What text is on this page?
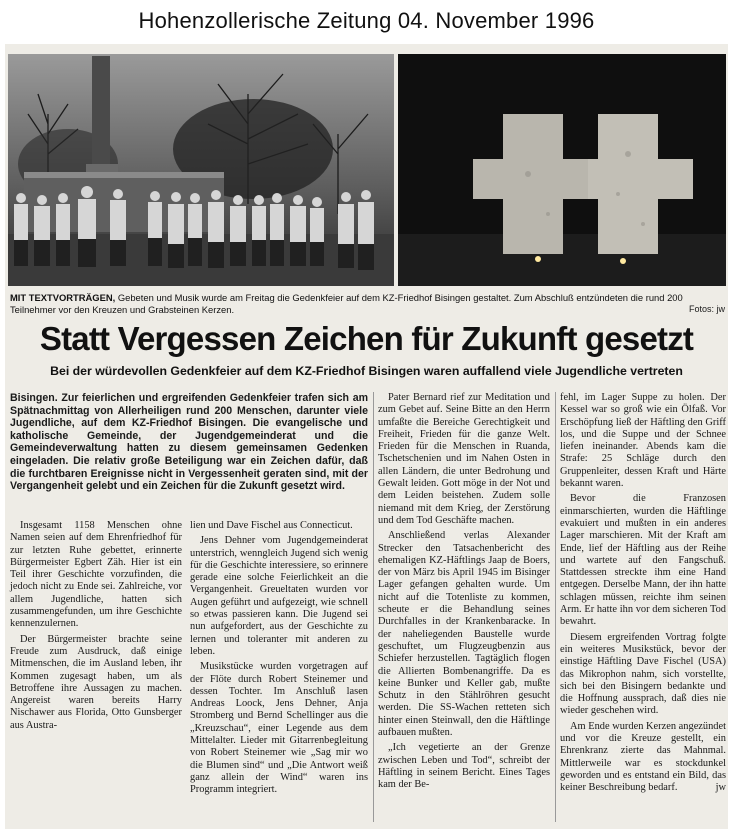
Hohenzollerische Zeitung 04. November 1996
MIT TEXTVORTRÄGEN, Gebeten und Musik wurde am Freitag die Gedenkfeier auf dem KZ-Friedhof Bisingen gestaltet. Zum Abschluß entzündeten die rund 200 Teilnehmer vor den Kreuzen und Grabsteinen Kerzen.	Fotos: jw
Statt Vergessen Zeichen für Zukunft gesetzt
Bei der würdevollen Gedenkfeier auf dem KZ-Friedhof Bisingen waren auffallend viele Jugendliche vertreten

Bisingen. Zur feierlichen und ergreifenden Gedenkfeier trafen sich am Spätnachmittag von Allerheiligen rund 200 Menschen, darunter viele Jugendliche, auf dem KZ-Friedhof Bisingen. Die evangelische und katholische Gemeinde, der Jugendgemeinderat und die Gemeindeverwaltung hatten zu diesem gemeinsamen Gedenken eingeladen. Die relativ große Beteiligung war ein Zeichen dafür, daß die furchtbaren Ereignisse nicht in Vergessenheit geraten sind, mit der Vergangenheit gelebt und ein Zeichen für die Zukunft gesetzt wird.

Insgesamt 1158 Menschen ohne Namen seien auf dem Ehrenfriedhof für zur letzten Ruhe gebettet, erinnerte Bürgermeister Egbert Zäh. Hier ist ein Teil ihrer Geschichte vorzufinden, die jedoch nicht zu Ende sei. Zahlreiche, vor allem Jugendliche, hatten sich zusammengefunden, um ihre Geschichte kennenzulernen.

Der Bürgermeister brachte seine Freude zum Ausdruck, daß einige Mitmenschen, die im Ausland leben, ihr Kommen zugesagt haben, um als Betroffene ihre Aussagen zu machen. Angereist waren bereits Harry Nischawer aus Florida, Otto Gunsberger aus Austra-

lien und Dave Fischel aus Connecticut.

Jens Dehner vom Jugendgemeinderat unterstrich, wenngleich Jugend sich wenig für die Geschichte interessiere, so erinnere gerade eine solche Feierlichkeit an die Vergangenheit. Greueltaten wurden vor Augen geführt und aufgezeigt, wie schnell so etwas passieren kann. Die Jugend sei nun aufgefordert, aus der Geschichte zu lernen und toleranter mit anderen zu leben.

Musikstücke wurden vorgetragen auf der Flöte durch Robert Steinemer und dessen Tochter. Im Anschluß lasen Andreas Loock, Jens Dehner, Anja Stromberg und Bernd Schellinger aus die „Kreuzschau“, einer Legende aus dem Mittelalter. Lieder mit Gitarrenbegleitung von Robert Steinemer wie „Sag mir wo die Blumen sind“ und „Die Antwort weiß ganz allein der Wind“ waren ins Programm integriert.

Pater Bernard rief zur Meditation und zum Gebet auf. Seine Bitte an den Herrn umfaßte die Bereiche Gerechtigkeit und Freiheit, Frieden für die ganze Welt. Frieden für die Menschen in Ruanda, Tschetschenien und im Nahen Osten in allen Ländern, die unter Bedrohung und Gewalt leiden. Gott möge in der Not und dem Leiden beistehen. Zudem solle niemand mit dem Krieg, der Zerstörung und dem Tod Geschäfte machen.

Anschließend verlas Alexander Strecker den Tatsachenbericht des ehemaligen KZ-Häftlings Jaap de Boers, der von März bis April 1945 im Bisinger Lager gefangen gehalten wurde. Um nicht auf die Totenliste zu kommen, scheute er die Behandlung seines Durchfalles in der Krankenbaracke. In der naheliegenden Baustelle wurde geschuftet, um Flugzeugbenzin aus Schiefer herzustellen. Tagtäglich flogen die Allierten Bombenangriffe. Da es keine Bunker und Keller gab, mußte Schutz in den Stählröhren gesucht werden. Die SS-Wachen retteten sich hinter einen Steinwall, den die Häftlinge aufbauen mußten.

„Ich vegetierte an der Grenze zwischen Leben und Tod“, schreibt der Häftling in seinem Bericht. Eines Tages kam der Be-

fehl, im Lager Suppe zu holen. Der Kessel war so groß wie ein Ölfaß. Vor Erschöpfung ließ der Häftling den Griff los, und die Suppe und der Schnee liefen ineinander. Abends kam die Strafe: 25 Schläge durch den Gruppenleiter, dessen Kraft und Härte bekannt waren.

Bevor die Franzosen einmarschierten, wurden die Häftlinge evakuiert und mußten in ein anderes Lager marschieren. Mit der Kraft am Ende, lief der Häftling aus der Reihe und wartete auf den Fangschuß. Stattdessen streckte ihm eine Hand entgegen. Derselbe Mann, der ihn hatte schlagen müssen, reichte ihm seinen Arm. Er hatte ihn vor dem sicheren Tod bewahrt.

Diesem ergreifenden Vortrag folgte ein weiteres Musikstück, bevor der einstige Häftling Dave Fischel (USA) das Mikrophon nahm, sich vorstellte, sich bei den Bisingern bedankte und die Hoffnung aussprach, daß dies nie wieder geschehen wird.

Am Ende wurden Kerzen angezündet und vor die Kreuze gestellt, ein Ehrenkranz zierte das Mahnmal. Mittlerweile war es stockdunkel geworden und es entstand ein Bild, das keiner Beschreibung bedarf.	jw
